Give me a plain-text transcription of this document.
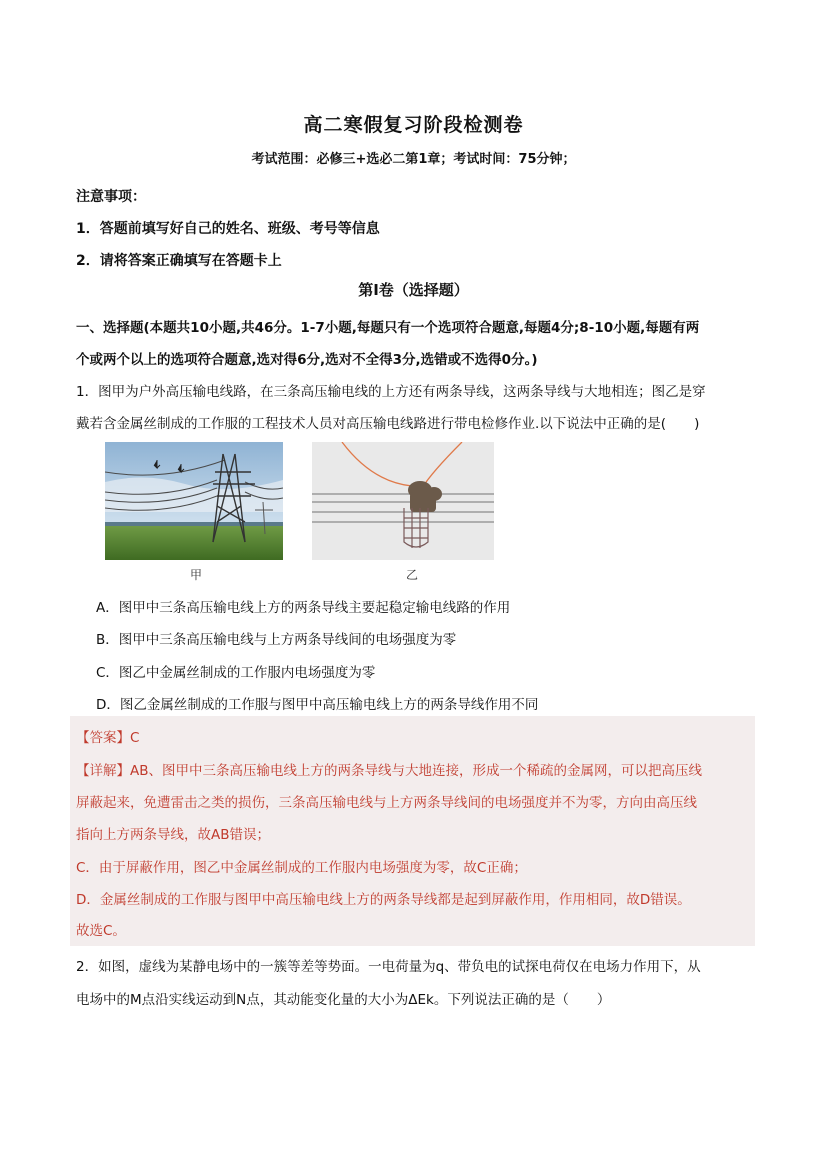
高二寒假复习阶段检测卷
考试范围：必修三+选必二第1章；考试时间：75分钟；
注意事项：
1．答题前填写好自己的姓名、班级、考号等信息
2．请将答案正确填写在答题卡上
第I卷（选择题）
一、选择题(本题共10小题,共46分。1-7小题,每题只有一个选项符合题意,每题4分;8-10小题,每题有两
个或两个以上的选项符合题意,选对得6分,选对不全得3分,选错或不选得0分。)
1．图甲为户外高压输电线路，在三条高压输电线的上方还有两条导线，这两条导线与大地相连；图乙是穿
戴若含金属丝制成的工作服的工程技术人员对高压输电线路进行带电检修作业.以下说法中正确的是( )
甲	乙
A．图甲中三条高压输电线上方的两条导线主要起稳定输电线路的作用
B．图甲中三条高压输电线与上方两条导线间的电场强度为零
C．图乙中金属丝制成的工作服内电场强度为零
D．图乙金属丝制成的工作服与图甲中高压输电线上方的两条导线作用不同
【答案】C
【详解】AB、图甲中三条高压输电线上方的两条导线与大地连接，形成一个稀疏的金属网，可以把高压线
屏蔽起来，免遭雷击之类的损伤，三条高压输电线与上方两条导线间的电场强度并不为零，方向由高压线
指向上方两条导线，故AB错误；
C．由于屏蔽作用，图乙中金属丝制成的工作服内电场强度为零，故C正确；
D．金属丝制成的工作服与图甲中高压输电线上方的两条导线都是起到屏蔽作用，作用相同，故D错误。
故选C。
2．如图，虚线为某静电场中的一簇等差等势面。一电荷量为q、带负电的试探电荷仅在电场力作用下，从
电场中的M点沿实线运动到N点，其动能变化量的大小为ΔEk。下列说法正确的是（ ）
